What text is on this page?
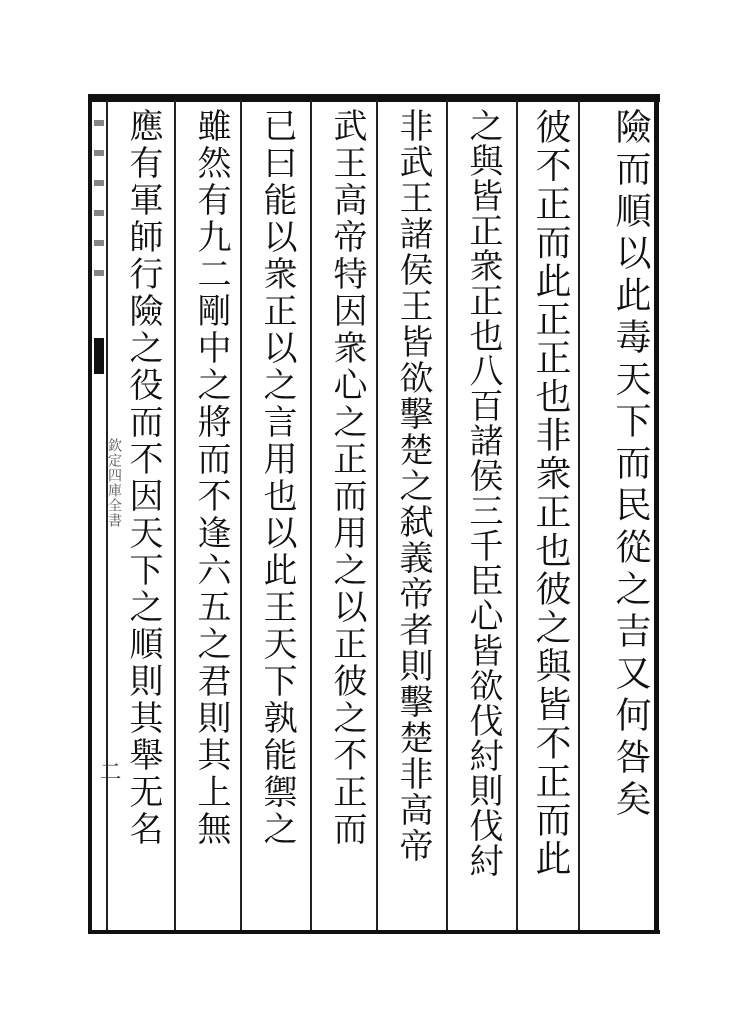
欽定四庫全書
二	險而順以此毒天下而民從之吉又何咎矣
彼不正而此正正也非衆正也彼之與皆不正而此
之與皆正衆正也八百諸侯三千臣心皆欲伐紂則伐紂
非武王諸侯王皆欲擊楚之弑義帝者則擊楚非高帝
武王高帝特因衆心之正而用之以正彼之不正而
已曰能以衆正以之言用也以此王天下孰能禦之
雖然有九二剛中之將而不逢六五之君則其上無
應有軍師行險之役而不因天下之順則其舉无名
